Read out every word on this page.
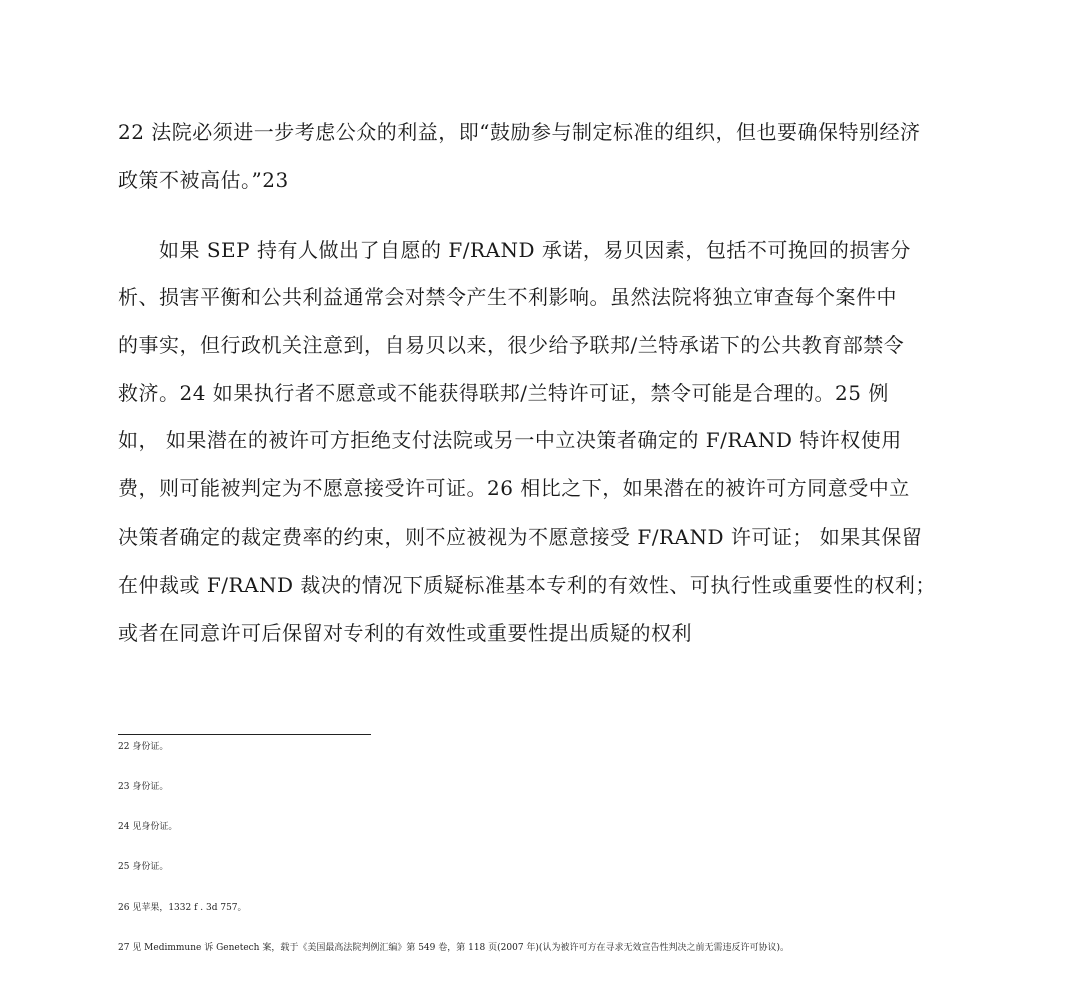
22 法院必须进一步考虑公众的利益，即“鼓励参与制定标准的组织，但也要确保特别经济
政策不被高估。”23
　　如果 SEP 持有人做出了自愿的 F/RAND 承诺，易贝因素，包括不可挽回的损害分
析、损害平衡和公共利益通常会对禁令产生不利影响。虽然法院将独立审查每个案件中
的事实，但行政机关注意到，自易贝以来，很少给予联邦/兰特承诺下的公共教育部禁令
救济。24 如果执行者不愿意或不能获得联邦/兰特许可证，禁令可能是合理的。25 例
如， 如果潜在的被许可方拒绝支付法院或另一中立决策者确定的 F/RAND 特许权使用
费，则可能被判定为不愿意接受许可证。26 相比之下，如果潜在的被许可方同意受中立
决策者确定的裁定费率的约束，则不应被视为不愿意接受 F/RAND 许可证； 如果其保留
在仲裁或 F/RAND 裁决的情况下质疑标准基本专利的有效性、可执行性或重要性的权利；
或者在同意许可后保留对专利的有效性或重要性提出质疑的权利
22 身份证。
23 身份证。
24 见身份证。
25 身份证。
26 见苹果，1332 f . 3d 757。
27 见 Medimmune 诉 Genetech 案，载于《美国最高法院判例汇编》第 549 卷，第 118 页(2007 年)(认为被许可方在寻求无效宣告性判决之前无需违反许可协议)。
